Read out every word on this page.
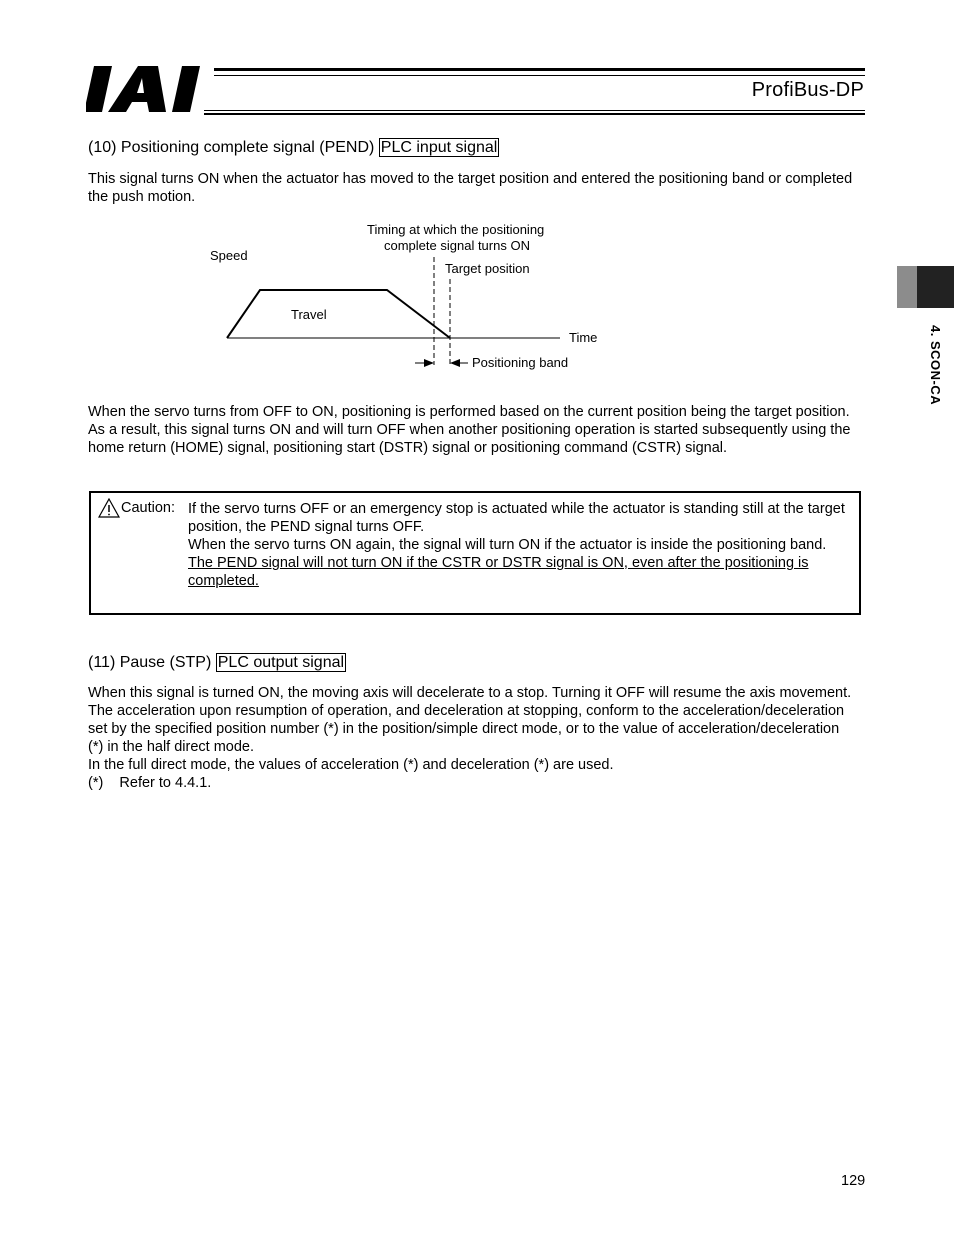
ProfiBus-DP
4. SCON-CA
(10) Positioning complete signal (PEND) PLC input signal

This signal turns ON when the actuator has moved to the target position and entered the positioning band or completed the push motion.

Timing at which the positioning
complete signal turns ON
Speed
Target position
Travel
Time
Positioning band

When the servo turns from OFF to ON, positioning is performed based on the current position being the target position. As a result, this signal turns ON and will turn OFF when another positioning operation is started subsequently using the home return (HOME) signal, positioning start (DSTR) signal or positioning command (CSTR) signal.

Caution: If the servo turns OFF or an emergency stop is actuated while the actuator is standing still at the target position, the PEND signal turns OFF.

When the servo turns ON again, the signal will turn ON if the actuator is inside the positioning band.

The PEND signal will not turn ON if the CSTR or DSTR signal is ON, even after the positioning is completed.

(11) Pause (STP) PLC output signal

When this signal is turned ON, the moving axis will decelerate to a stop. Turning it OFF will resume the axis movement.

The acceleration upon resumption of operation, and deceleration at stopping, conform to the acceleration/deceleration set by the specified position number (*) in the position/simple direct mode, or to the value of acceleration/deceleration (*) in the half direct mode.

In the full direct mode, the values of acceleration (*) and deceleration (*) are used.

(*)    Refer to 4.4.1.

129
